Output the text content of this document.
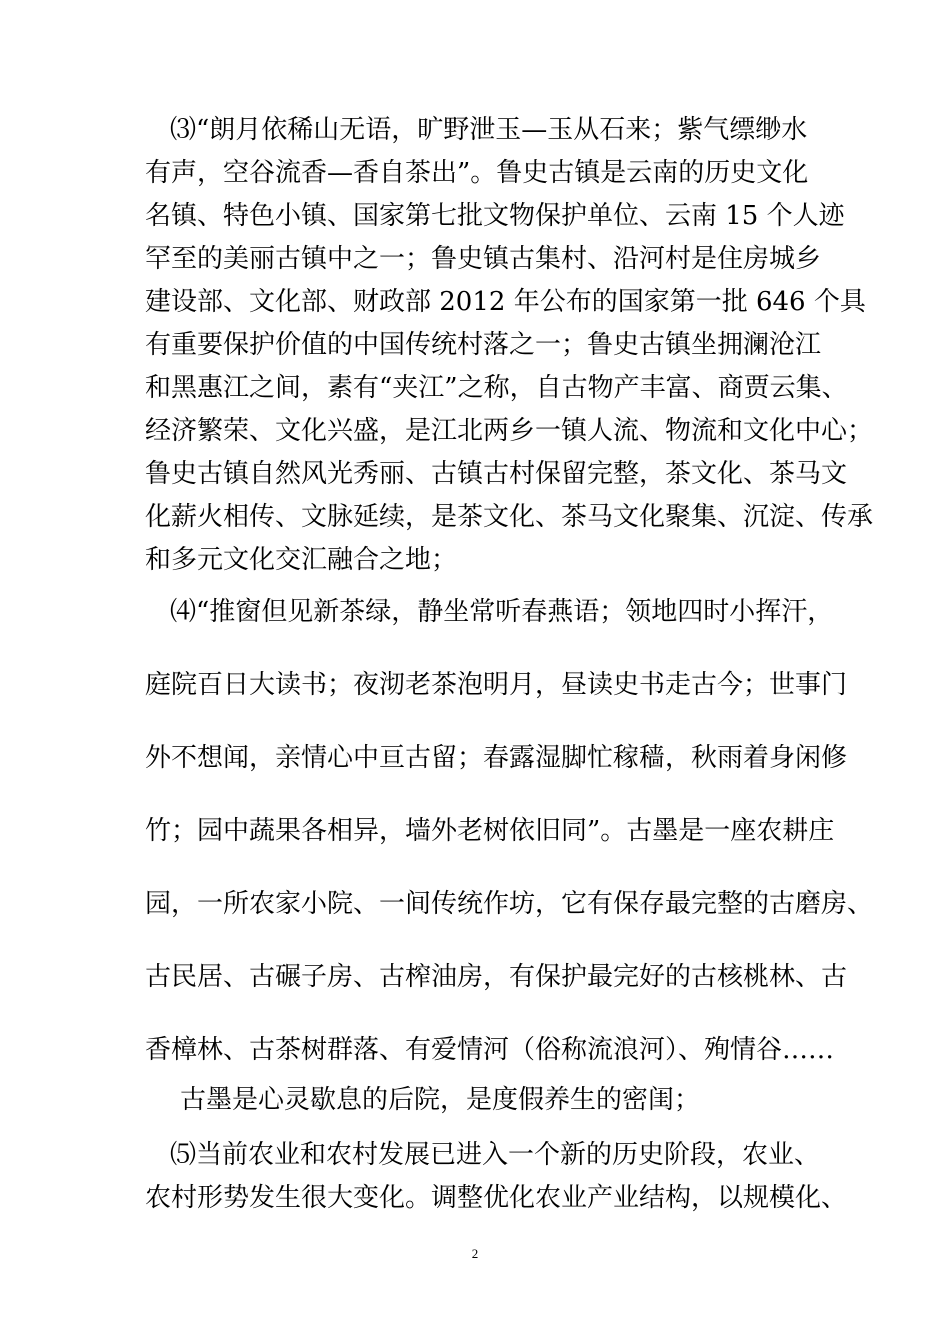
⑶“朗月依稀山无语，旷野泄玉—玉从石来；紫气缥缈水
有声，空谷流香—香自茶出”。鲁史古镇是云南的历史文化
名镇、特色小镇、国家第七批文物保护单位、云南 15 个人迹
罕至的美丽古镇中之一；鲁史镇古集村、沿河村是住房城乡
建设部、文化部、财政部 2012 年公布的国家第一批 646 个具
有重要保护价值的中国传统村落之一；鲁史古镇坐拥澜沧江
和黑惠江之间，素有“夹江”之称，自古物产丰富、商贾云集、
经济繁荣、文化兴盛，是江北两乡一镇人流、物流和文化中心；
鲁史古镇自然风光秀丽、古镇古村保留完整，茶文化、茶马文
化薪火相传、文脉延续，是茶文化、茶马文化聚集、沉淀、传承
和多元文化交汇融合之地；
⑷“推窗但见新茶绿，静坐常听春燕语；领地四时小挥汗，
庭院百日大读书；夜沏老茶泡明月，昼读史书走古今；世事门
外不想闻，亲情心中亘古留；春露湿脚忙稼穑，秋雨着身闲修
竹；园中蔬果各相异，墙外老树依旧同”。古墨是一座农耕庄
园，一所农家小院、一间传统作坊，它有保存最完整的古磨房、
古民居、古碾子房、古榨油房，有保护最完好的古核桃林、古
香樟林、古茶树群落、有爱情河（俗称流浪河）、殉情谷……
古墨是心灵歇息的后院，是度假养生的密闺；
⑸当前农业和农村发展已进入一个新的历史阶段，农业、
农村形势发生很大变化。调整优化农业产业结构，以规模化、
2
